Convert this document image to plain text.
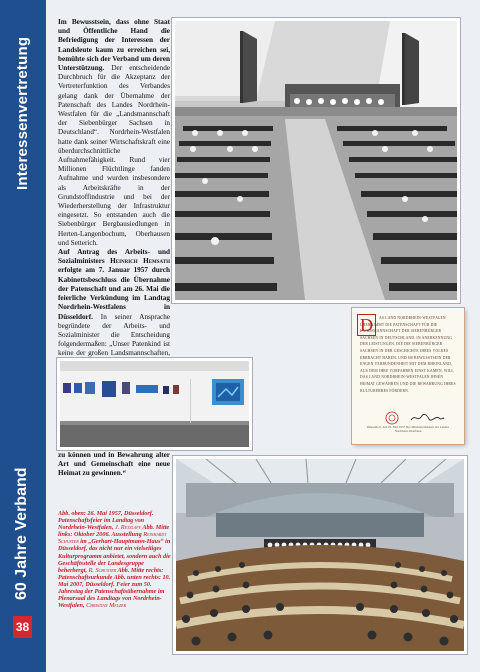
Interessenvertretung
60 Jahre Verband
38

Im Bewusstsein, dass ohne Staat und Öffentliche Hand die Befriedigung der Interessen der Landsleute kaum zu erreichen sei, bemühte sich der Verband um deren Unterstützung. Der entscheidende Durchbruch für die Akzeptanz der Vertreterfunktion des Verbandes gelang dank der Übernahme der Patenschaft des Landes Nordrhein-Westfalen für die „Landsmannschaft der Siebenbürger Sachsen in Deutschland“. Nordrhein-Westfalen hatte dank seiner Wirtschaftskraft eine überdurchschnittliche Aufnahmefähigkeit. Rund vier Millionen Flüchtlinge fanden Aufnahme und wurden insbesondere als Arbeitskräfte in der Grundstoffindustrie und bei der Wiederherstellung der Infrastruktur eingesetzt. So entstanden auch die Siebenbürger Bergbausiedlungen in Herten-Langenbochum, Oberhausen und Setterich.

Auf Antrag des Arbeits- und Sozialministers Heinrich Hemsath erfolgte am 7. Januar 1957 durch Kabinettsbeschluss die Übernahme der Patenschaft und am 26. Mai die feierliche Verkündung im Landtag Nordrhein-Westfalens in Düsseldorf. In seiner Ansprache begründete der Arbeits- und Sozialminister die Entscheidung folgendermaßen: „Unser Patenkind ist keine der großen Landsmannschaften, zu können und in Bewahrung alter Art und Gemeinschaft eine neue Heimat zu gewinnen.“

D	AS LAND NORDRHEIN-WESTFALEN ÜBERNIMMT DIE PATENSCHAFT FÜR DIE LANDSMANNSCHAFT DER SIEBENBÜRGER SACHSEN IN DEUTSCHLAND. IN ANERKENNUNG DER LEISTUNGEN, DIE DIE SIEBENBÜRGER SACHSEN IN DER GESCHICHTE IHRES VOLKES ERBRACHT HABEN, UND IM BEWUSSTSEIN DER ENGEN VERBUNDENHEIT MIT DEM RHEINLAND, AUS DEM IHRE VORFAHREN EINST KAMEN, WILL DAS LAND NORDRHEIN-WESTFALEN IHNEN HEIMAT GEWÄHREN UND DIE BEWAHRUNG IHRES KULTURERBES FÖRDERN.
Düsseldorf, den 26. Mai 1957 Der Ministerpräsident des Landes Nordrhein-Westfalen
Abb. oben: 26. Mai 1957, Düsseldorf. Patenschaftsfeier im Landtag von Nordrhein-Westfalen, J. Retzlaff Abb. Mitte links: Oktober 2006. Ausstellung Reinhardt Schuster im „Gerhart-Hauptmann-Haus“ in Düsseldorf, das nicht nur ein vielseitiges Kulturprogramm anbietet, sondern auch die Geschäftsstelle der Landesgruppe beherbergt, R. Schuster Abb. Mitte rechts: Patenschaftsurkunde Abb. unten rechts: 10. Mai 2007, Düsseldorf. Feier zum 50. Jahrestag der Patenschaftsübernahme im Plenarsaal des Landtags von Nordrhein-Westfalen, Christian Melzer
